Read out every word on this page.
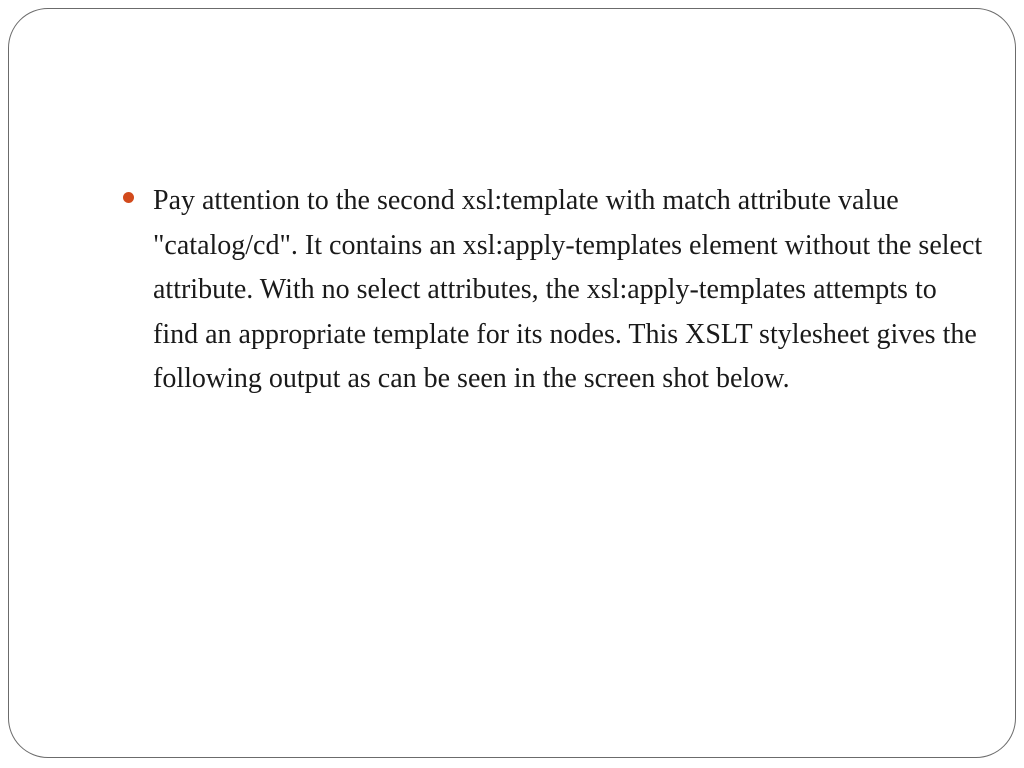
Pay attention to the second xsl:template with match attribute value "catalog/cd". It contains an xsl:apply-templates element without the select attribute. With no select attributes, the xsl:apply-templates attempts to find an appropriate template for its nodes. This XSLT stylesheet gives the following output as can be seen in the screen shot below.
